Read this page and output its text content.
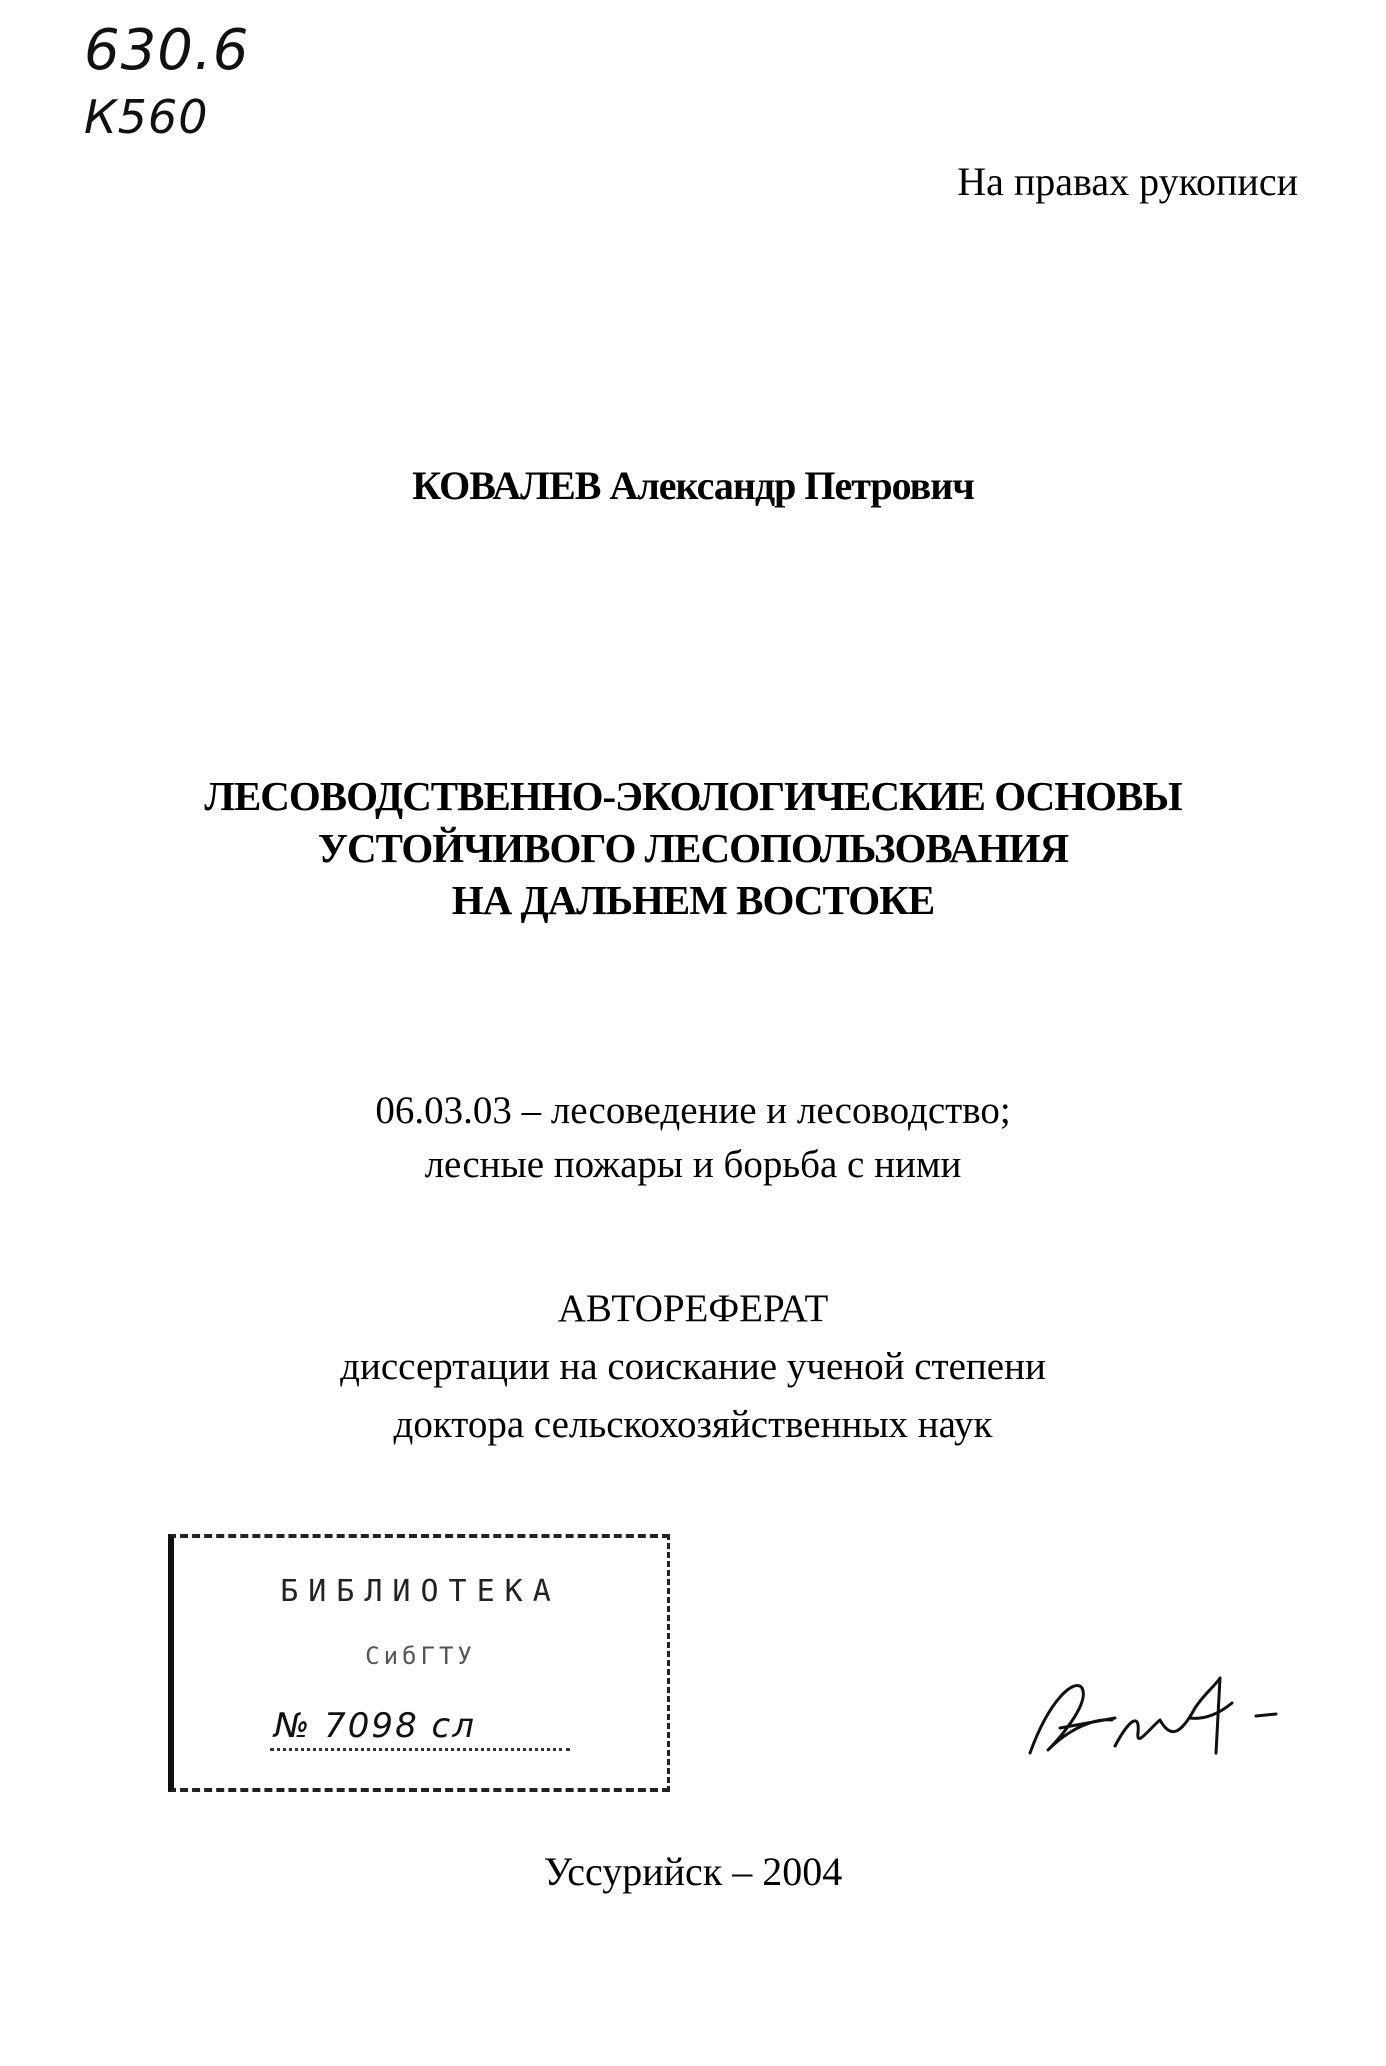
630.6
К560
На правах рукописи
КОВАЛЕВ Александр Петрович
ЛЕСОВОДСТВЕННО-ЭКОЛОГИЧЕСКИЕ ОСНОВЫ
УСТОЙЧИВОГО ЛЕСОПОЛЬЗОВАНИЯ
НА ДАЛЬНЕМ ВОСТОКЕ
06.03.03 – лесоведение и лесоводство;
лесные пожары и борьба с ними
АВТОРЕФЕРАТ
диссертации на соискание ученой степени
доктора сельскохозяйственных наук
БИБЛИОТЕКА
СибГТУ
№ 7098 сл
Уссурийск – 2004
